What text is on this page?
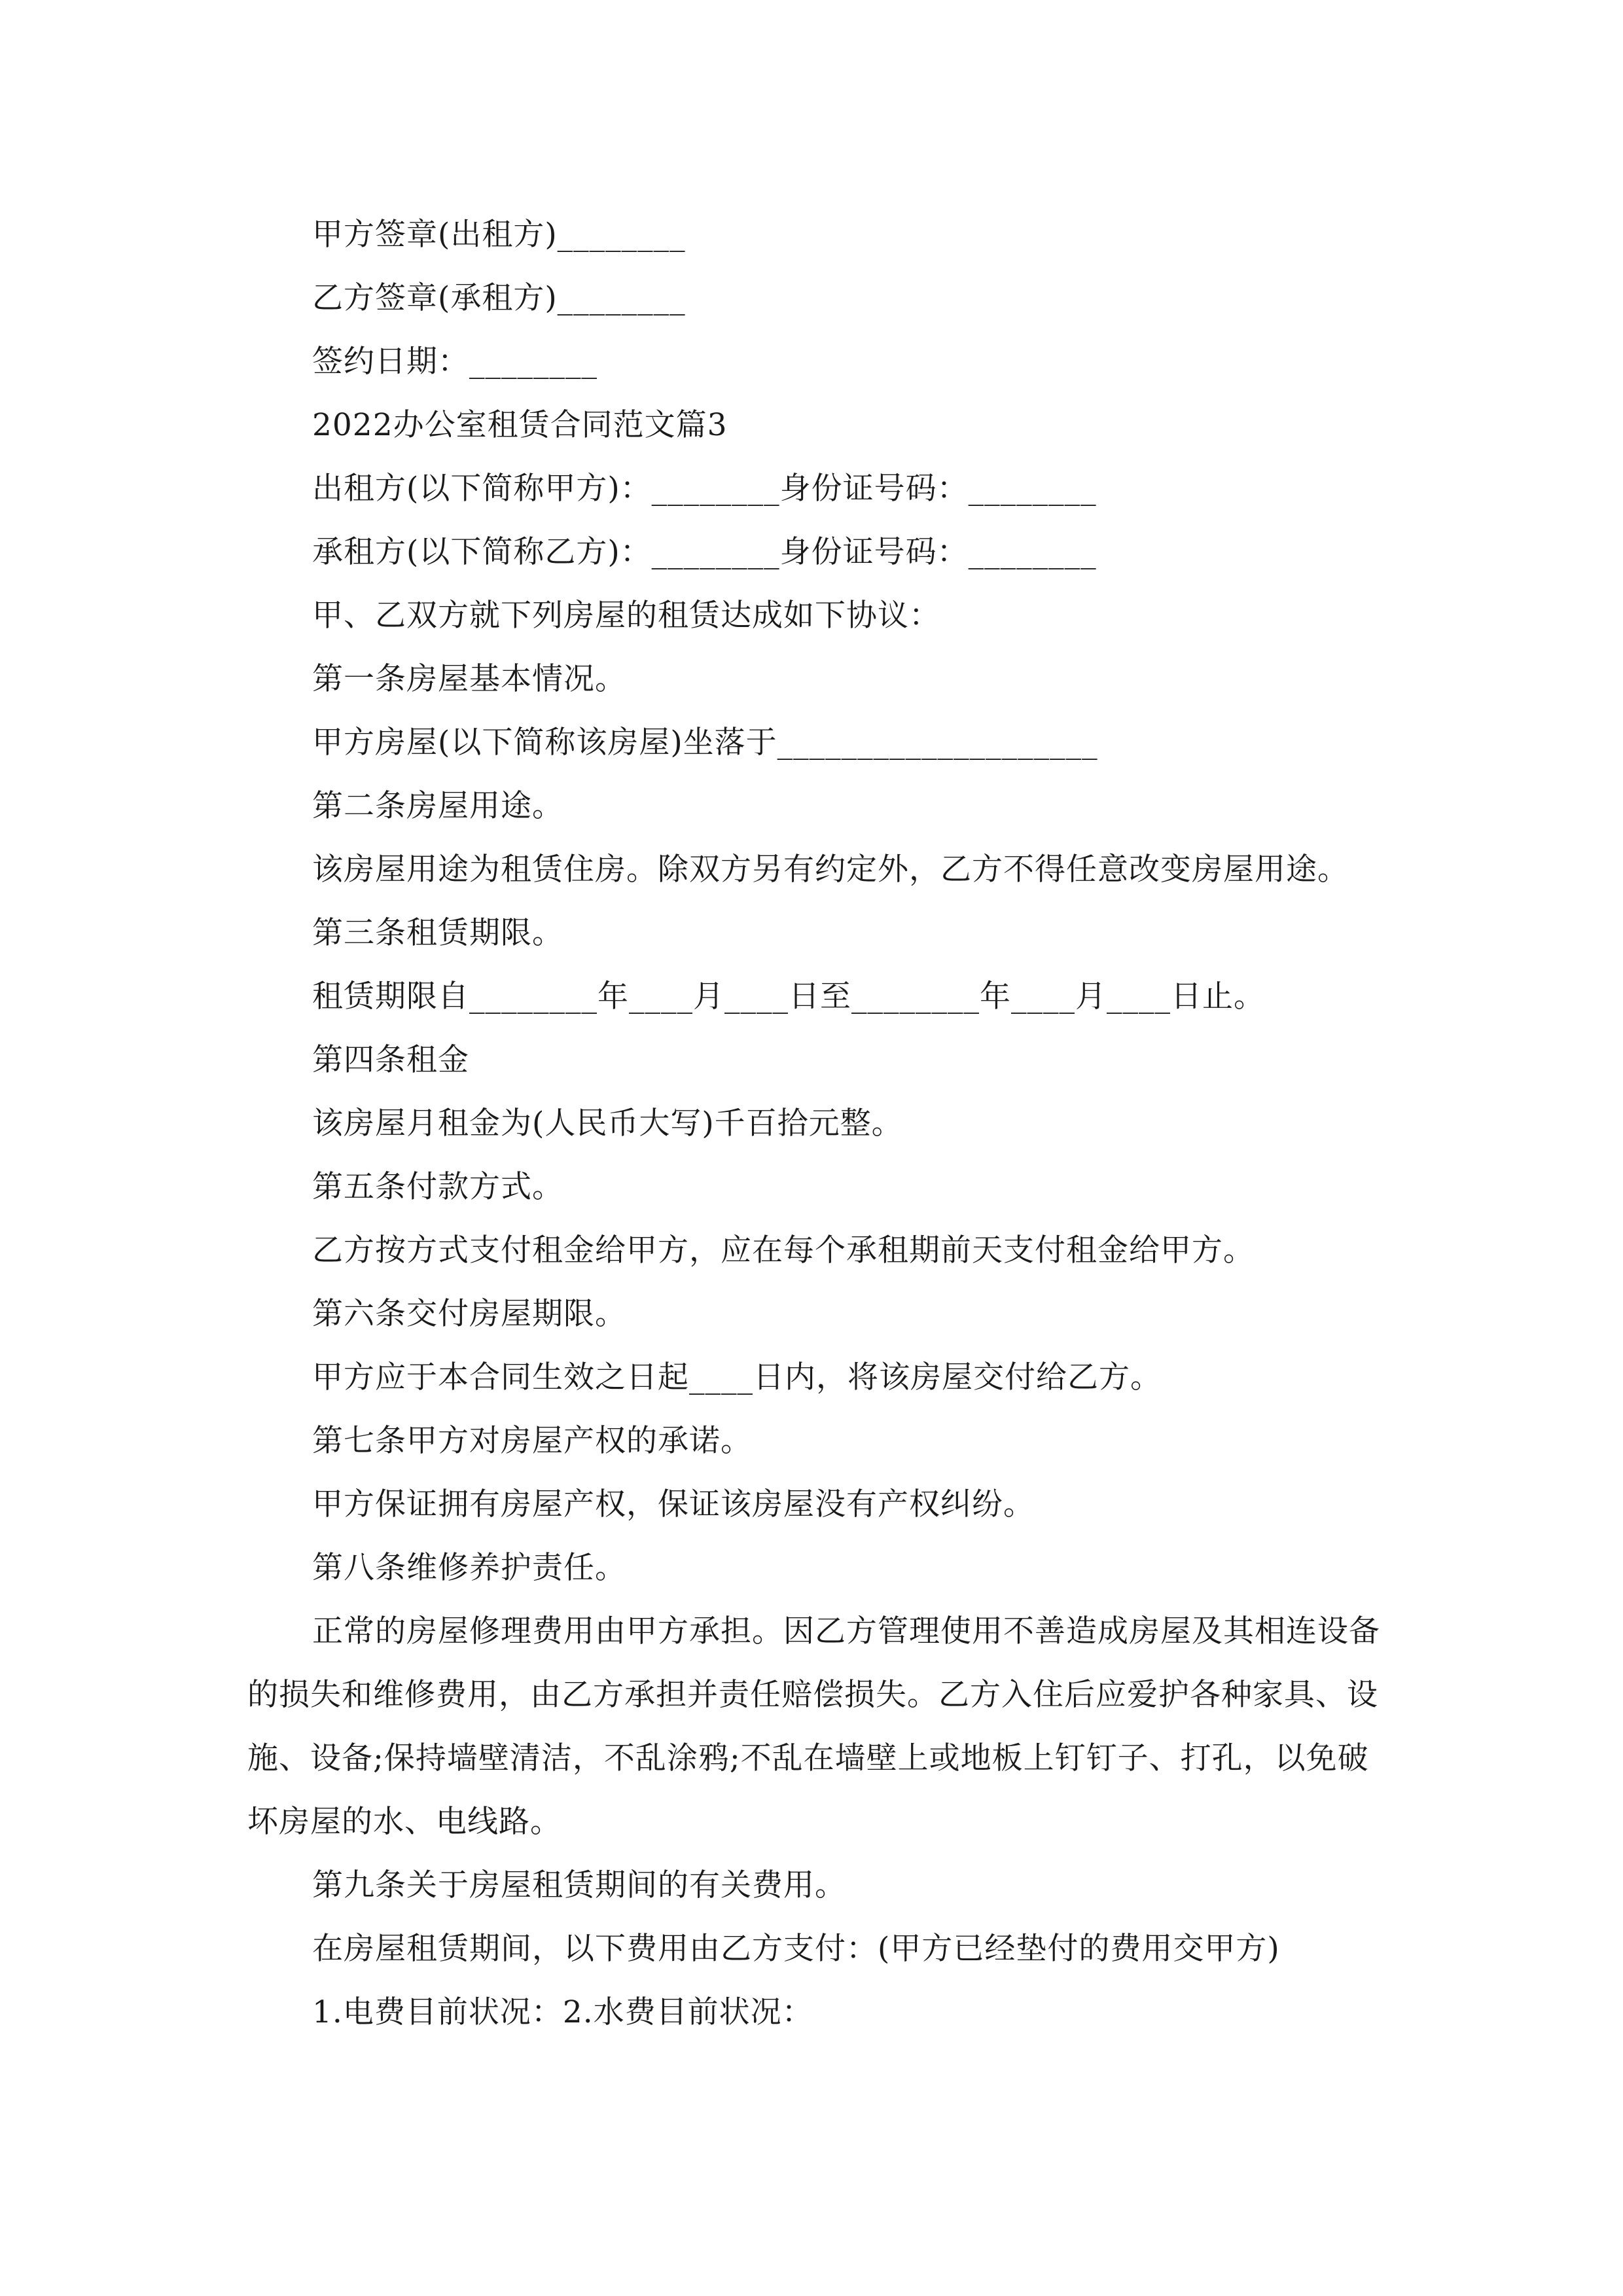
甲方签章(出租方)________
乙方签章(承租方)________
签约日期：________
2022办公室租赁合同范文篇3
出租方(以下简称甲方)：________身份证号码：________
承租方(以下简称乙方)：________身份证号码：________
甲、乙双方就下列房屋的租赁达成如下协议：
第一条房屋基本情况。
甲方房屋(以下简称该房屋)坐落于____________________
第二条房屋用途。
该房屋用途为租赁住房。除双方另有约定外，乙方不得任意改变房屋用途。
第三条租赁期限。
租赁期限自________年____月____日至________年____月____日止。
第四条租金
该房屋月租金为(人民币大写)千百拾元整。
第五条付款方式。
乙方按方式支付租金给甲方，应在每个承租期前天支付租金给甲方。
第六条交付房屋期限。
甲方应于本合同生效之日起____日内，将该房屋交付给乙方。
第七条甲方对房屋产权的承诺。
甲方保证拥有房屋产权，保证该房屋没有产权纠纷。
第八条维修养护责任。
正常的房屋修理费用由甲方承担。因乙方管理使用不善造成房屋及其相连设备的损失和维修费用，由乙方承担并责任赔偿损失。乙方入住后应爱护各种家具、设施、设备;保持墙壁清洁，不乱涂鸦;不乱在墙壁上或地板上钉钉子、打孔，以免破坏房屋的水、电线路。
第九条关于房屋租赁期间的有关费用。
在房屋租赁期间，以下费用由乙方支付：(甲方已经垫付的费用交甲方)
1.电费目前状况：2.水费目前状况：
